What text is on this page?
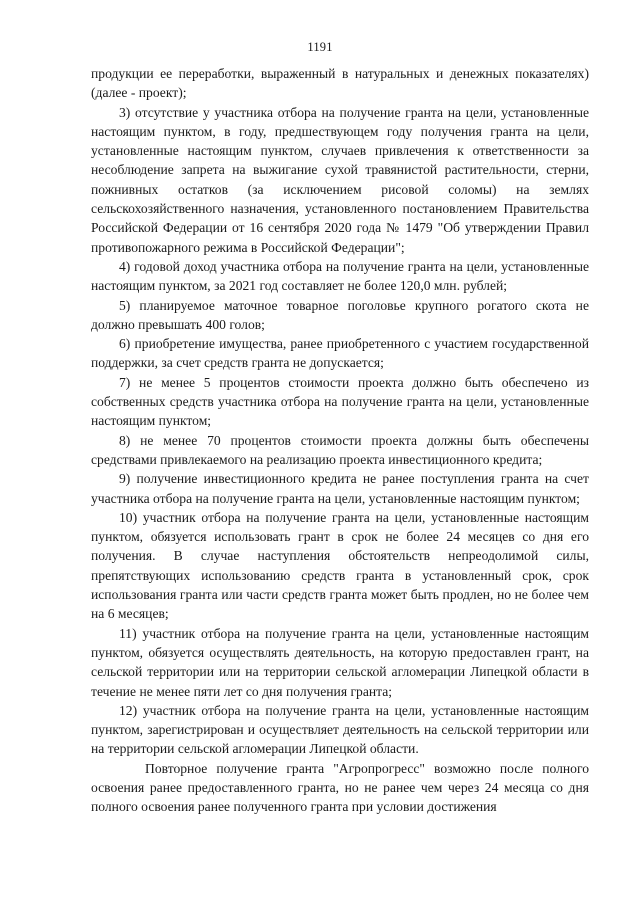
1191

продукции ее переработки, выраженный в натуральных и денежных показателях) (далее - проект);

3) отсутствие у участника отбора на получение гранта на цели, установленные настоящим пунктом, в году, предшествующем году получения гранта на цели, установленные настоящим пунктом, случаев привлечения к ответственности за несоблюдение запрета на выжигание сухой травянистой растительности, стерни, пожнивных остатков (за исключением рисовой соломы) на землях сельскохозяйственного назначения, установленного постановлением Правительства Российской Федерации от 16 сентября 2020 года № 1479 "Об утверждении Правил противопожарного режима в Российской Федерации";

4) годовой доход участника отбора на получение гранта на цели, установленные настоящим пунктом, за 2021 год составляет не более 120,0 млн. рублей;

5) планируемое маточное товарное поголовье крупного рогатого скота не должно превышать 400 голов;

6) приобретение имущества, ранее приобретенного с участием государственной поддержки, за счет средств гранта не допускается;

7) не менее 5 процентов стоимости проекта должно быть обеспечено из собственных средств участника отбора на получение гранта на цели, установленные настоящим пунктом;

8) не менее 70 процентов стоимости проекта должны быть обеспечены средствами привлекаемого на реализацию проекта инвестиционного кредита;

9) получение инвестиционного кредита не ранее поступления гранта на счет участника отбора на получение гранта на цели, установленные настоящим пунктом;

10) участник отбора на получение гранта на цели, установленные настоящим пунктом, обязуется использовать грант в срок не более 24 месяцев со дня его получения. В случае наступления обстоятельств непреодолимой силы, препятствующих использованию средств гранта в установленный срок, срок использования гранта или части средств гранта может быть продлен, но не более чем на 6 месяцев;

11) участник отбора на получение гранта на цели, установленные настоящим пунктом, обязуется осуществлять деятельность, на которую предоставлен грант, на сельской территории или на территории сельской агломерации Липецкой области в течение не менее пяти лет со дня получения гранта;

12) участник отбора на получение гранта на цели, установленные настоящим пунктом, зарегистрирован и осуществляет деятельность на сельской территории или на территории сельской агломерации Липецкой области.

Повторное получение гранта "Агропрогресс" возможно после полного освоения ранее предоставленного гранта, но не ранее чем через 24 месяца со дня полного освоения ранее полученного гранта при условии достижения
